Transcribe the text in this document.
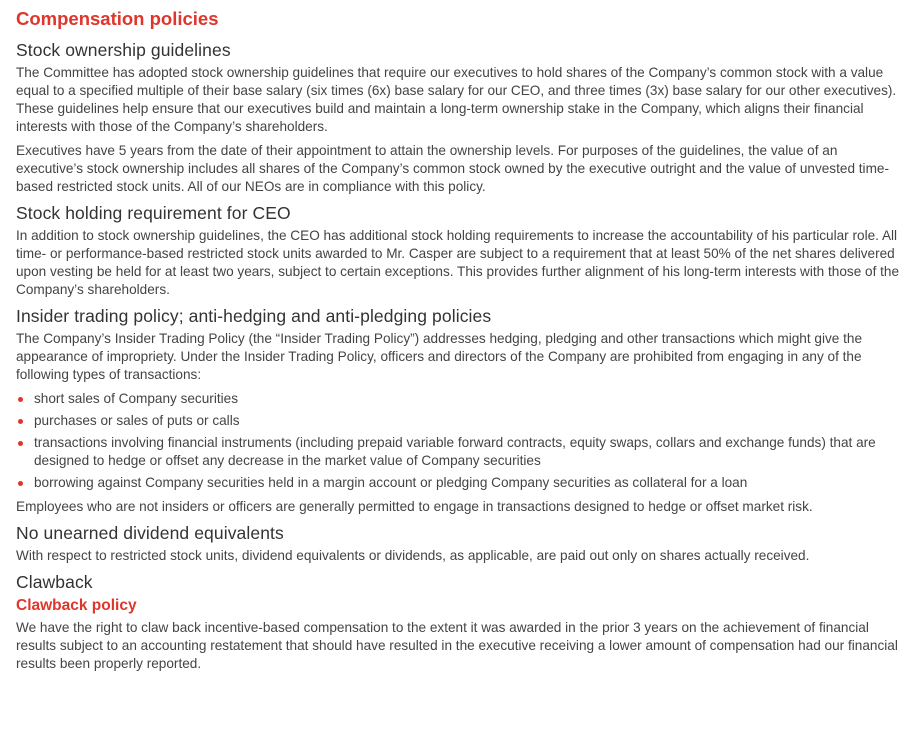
Compensation policies
Stock ownership guidelines

The Committee has adopted stock ownership guidelines that require our executives to hold shares of the Company’s common stock with a value equal to a specified multiple of their base salary (six times (6x) base salary for our CEO, and three times (3x) base salary for our other executives). These guidelines help ensure that our executives build and maintain a long-term ownership stake in the Company, which aligns their financial interests with those of the Company’s shareholders.

Executives have 5 years from the date of their appointment to attain the ownership levels. For purposes of the guidelines, the value of an executive’s stock ownership includes all shares of the Company’s common stock owned by the executive outright and the value of unvested time-based restricted stock units. All of our NEOs are in compliance with this policy.

Stock holding requirement for CEO

In addition to stock ownership guidelines, the CEO has additional stock holding requirements to increase the accountability of his particular role. All time- or performance-based restricted stock units awarded to Mr. Casper are subject to a requirement that at least 50% of the net shares delivered upon vesting be held for at least two years, subject to certain exceptions. This provides further alignment of his long-term interests with those of the Company’s shareholders.

Insider trading policy; anti-hedging and anti-pledging policies

The Company’s Insider Trading Policy (the “Insider Trading Policy”) addresses hedging, pledging and other transactions which might give the appearance of impropriety. Under the Insider Trading Policy, officers and directors of the Company are prohibited from engaging in any of the following types of transactions:

short sales of Company securities
purchases or sales of puts or calls
transactions involving financial instruments (including prepaid variable forward contracts, equity swaps, collars and exchange funds) that are designed to hedge or offset any decrease in the market value of Company securities
borrowing against Company securities held in a margin account or pledging Company securities as collateral for a loan

Employees who are not insiders or officers are generally permitted to engage in transactions designed to hedge or offset market risk.

No unearned dividend equivalents

With respect to restricted stock units, dividend equivalents or dividends, as applicable, are paid out only on shares actually received.

Clawback
Clawback policy

We have the right to claw back incentive-based compensation to the extent it was awarded in the prior 3 years on the achievement of financial results subject to an accounting restatement that should have resulted in the executive receiving a lower amount of compensation had our financial results been properly reported.
